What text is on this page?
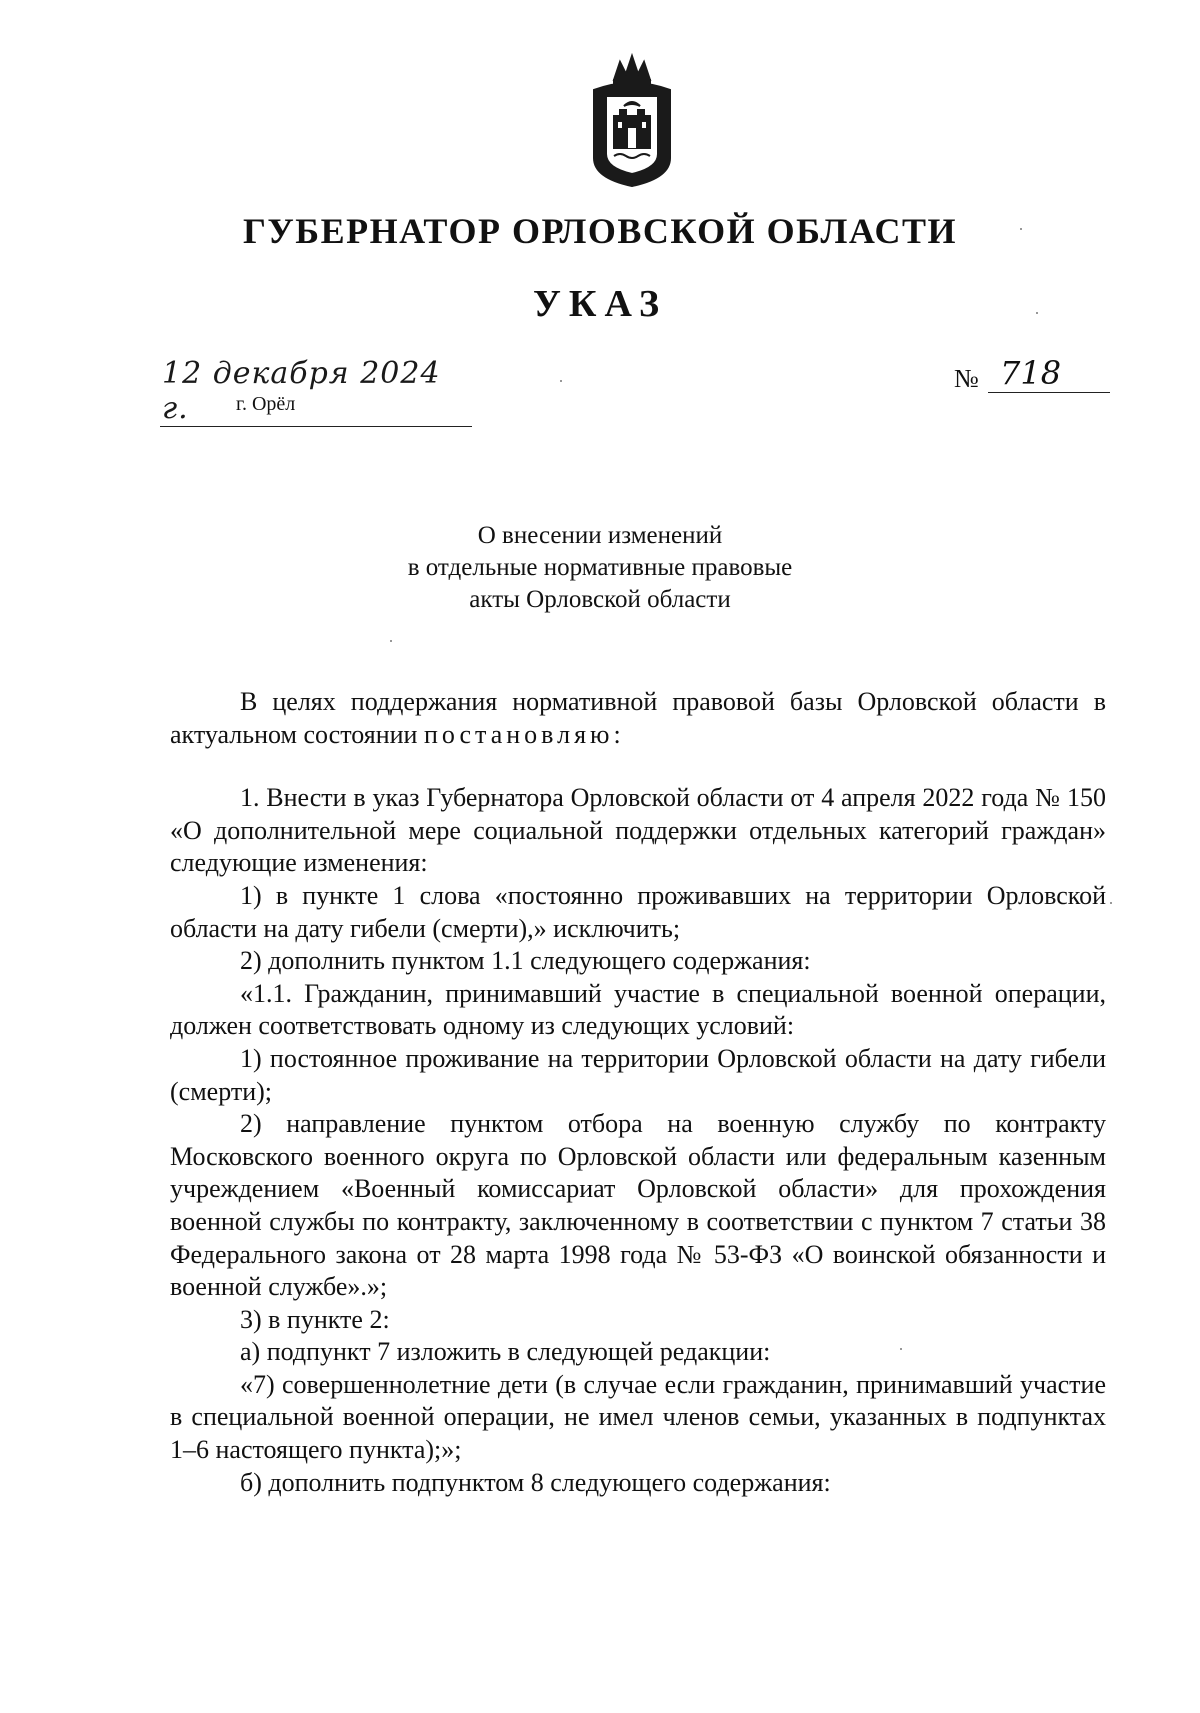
ГУБЕРНАТОР ОРЛОВСКОЙ ОБЛАСТИ
УКАЗ
12 декабря 2024 г.	г. Орёл
№ 718
О внесении изменений
в отдельные нормативные правовые
акты Орловской области

В целях поддержания нормативной правовой базы Орловской области в актуальном состоянии постановляю:

1. Внести в указ Губернатора Орловской области от 4 апреля 2022 года № 150 «О дополнительной мере социальной поддержки отдельных категорий граждан» следующие изменения:

1) в пункте 1 слова «постоянно проживавших на территории Орловской области на дату гибели (смерти),» исключить;

2) дополнить пунктом 1.1 следующего содержания:

«1.1. Гражданин, принимавший участие в специальной военной операции, должен соответствовать одному из следующих условий:

1) постоянное проживание на территории Орловской области на дату гибели (смерти);

2) направление пунктом отбора на военную службу по контракту Московского военного округа по Орловской области или федеральным казенным учреждением «Военный комиссариат Орловской области» для прохождения военной службы по контракту, заключенному в соответствии с пунктом 7 статьи 38 Федерального закона от 28 марта 1998 года № 53-ФЗ «О воинской обязанности и военной службе».»;

3) в пункте 2:

а) подпункт 7 изложить в следующей редакции:

«7) совершеннолетние дети (в случае если гражданин, принимавший участие в специальной военной операции, не имел членов семьи, указанных в подпунктах 1–6 настоящего пункта);»;

б) дополнить подпунктом 8 следующего содержания:
